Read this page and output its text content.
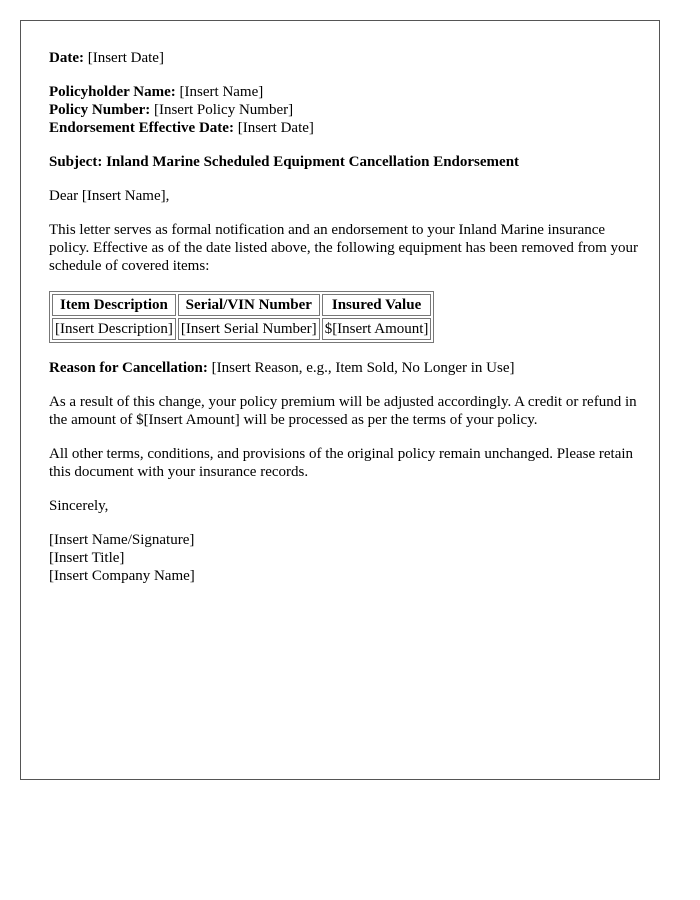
Date: [Insert Date]

Policyholder Name: [Insert Name]

Policy Number: [Insert Policy Number]

Endorsement Effective Date: [Insert Date]

Subject: Inland Marine Scheduled Equipment Cancellation Endorsement

Dear [Insert Name],

This letter serves as formal notification and an endorsement to your Inland Marine insurance policy. Effective as of the date listed above, the following equipment has been removed from your schedule of covered items:

Item Description	Serial/VIN Number	Insured Value
[Insert Description]	[Insert Serial Number]	$[Insert Amount]

Reason for Cancellation: [Insert Reason, e.g., Item Sold, No Longer in Use]

As a result of this change, your policy premium will be adjusted accordingly. A credit or refund in the amount of $[Insert Amount] will be processed as per the terms of your policy.

All other terms, conditions, and provisions of the original policy remain unchanged. Please retain this document with your insurance records.

Sincerely,

[Insert Name/Signature]

[Insert Title]

[Insert Company Name]
